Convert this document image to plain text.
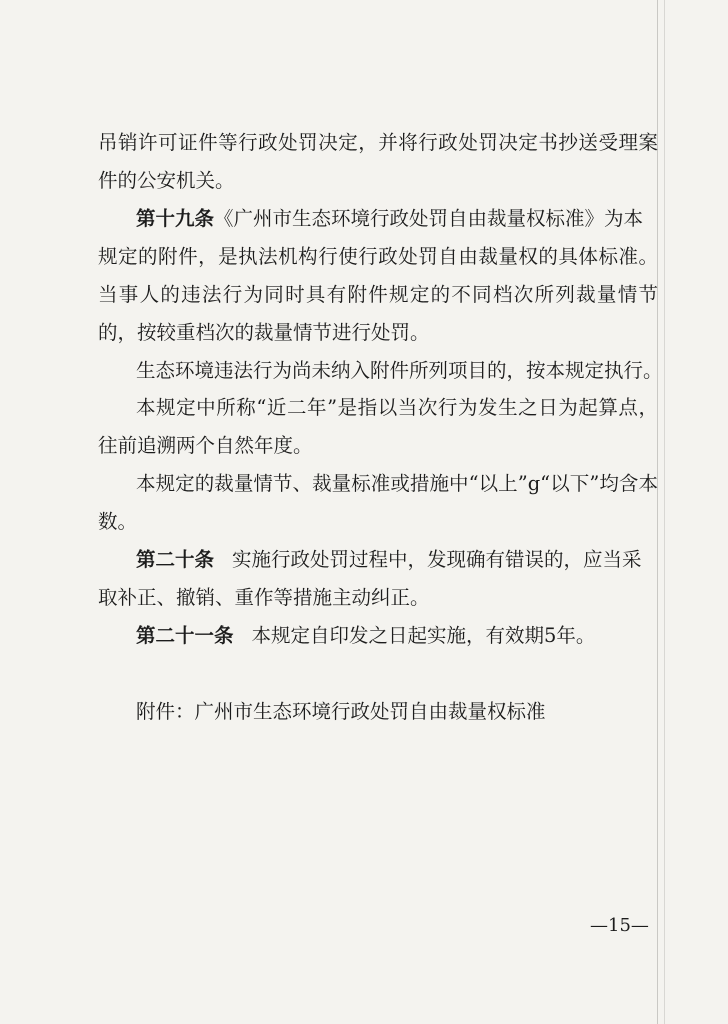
吊销许可证件等行政处罚决定，并将行政处罚决定书抄送受理案
件的公安机关。
第十九条《广州市生态环境行政处罚自由裁量权标准》为本
规定的附件，是执法机构行使行政处罚自由裁量权的具体标准。
当事人的违法行为同时具有附件规定的不同档次所列裁量情节
的，按较重档次的裁量情节进行处罚。
生态环境违法行为尚未纳入附件所列项目的，按本规定执行。
本规定中所称“近二年”是指以当次行为发生之日为起算点，
往前追溯两个自然年度。
本规定的裁量情节、裁量标准或措施中“以上”g“以下”均含本
数。
第二十条 实施行政处罚过程中，发现确有错误的，应当采
取补正、撤销、重作等措施主动纠正。
第二十一条 本规定自印发之日起实施，有效期5年。
附件：广州市生态环境行政处罚自由裁量权标准
—15—
